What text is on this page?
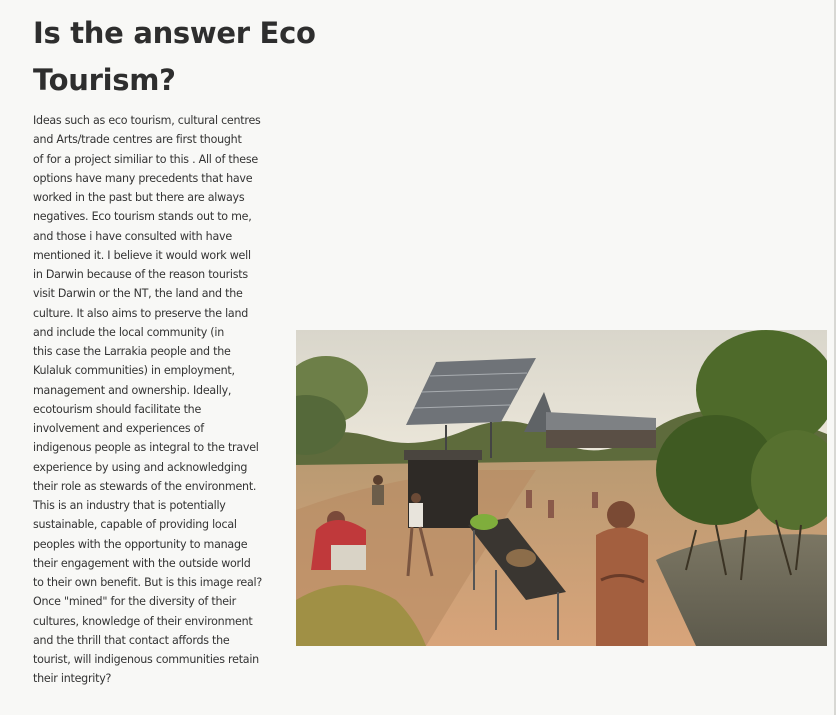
Is the answer Eco
Tourism?
Ideas such as eco tourism, cultural centres
and Arts/trade centres are first thought
of for a project similiar to this . All of these
options have many precedents that have
worked in the past but there are always
negatives. Eco tourism stands out to me,
and those i have consulted with have
mentioned it. I believe it would work well
in Darwin because of the reason tourists
visit Darwin or the NT, the land and the
culture. It also aims to preserve the land
and include the local community (in
this case the Larrakia people and the
Kulaluk communities) in employment,
management and ownership. Ideally,
ecotourism should facilitate the
involvement and experiences of
indigenous people as integral to the travel
experience by using and acknowledging
their role as stewards of the environment.
This is an industry that is potentially
sustainable, capable of providing local
peoples with the opportunity to manage
their engagement with the outside world
to their own benefit. But is this image real?
Once "mined" for the diversity of their
cultures, knowledge of their environment
and the thrill that contact affords the
tourist, will indigenous communities retain
their integrity?
